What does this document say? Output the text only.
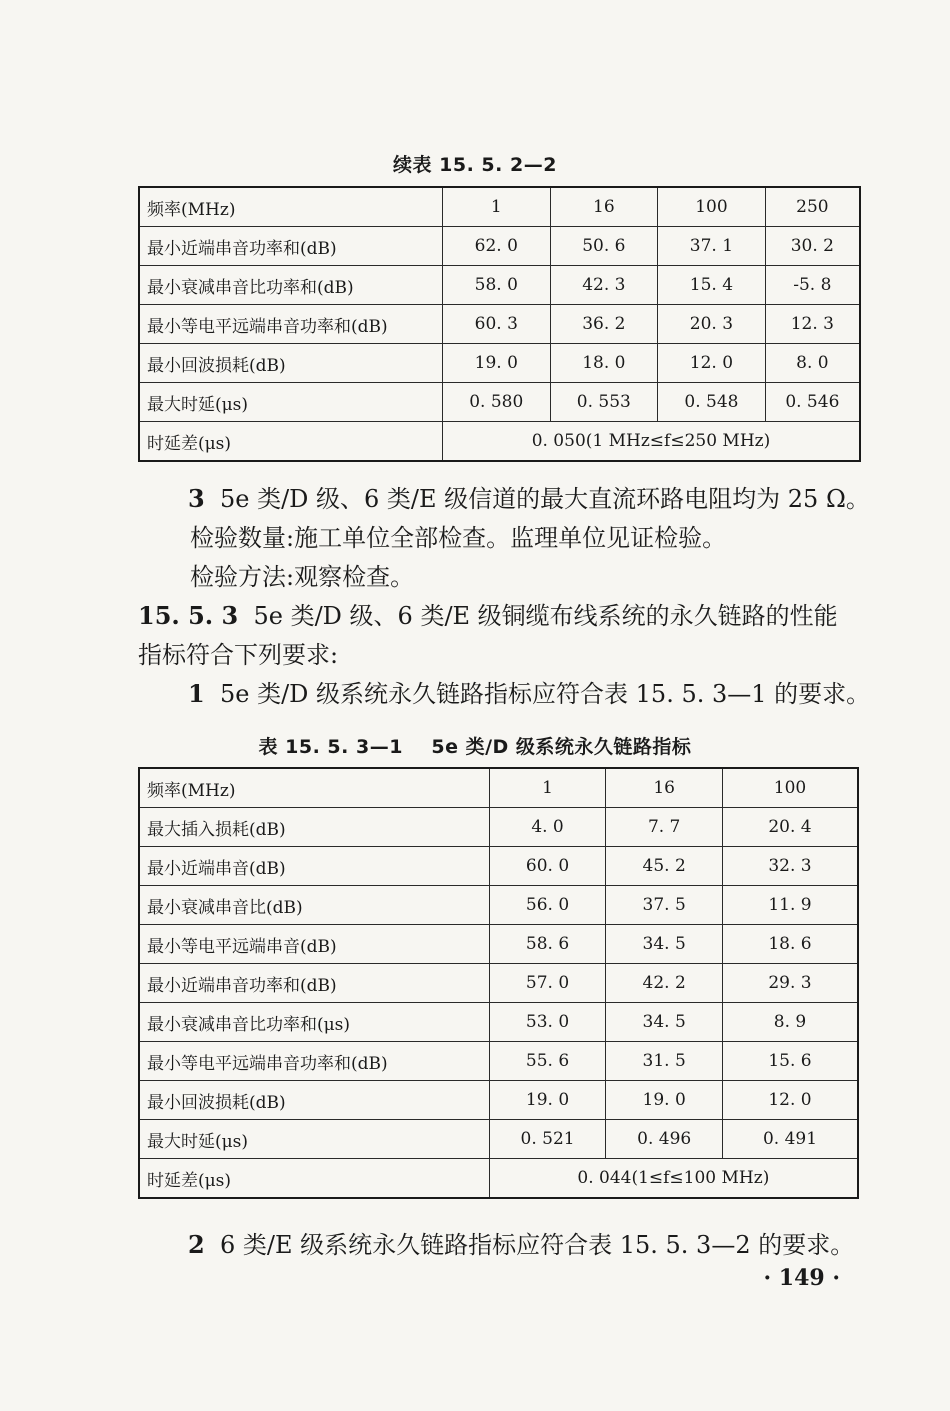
续表 15. 5. 2—2
频率(MHz)	1	16	100	250
最小近端串音功率和(dB)	62. 0	50. 6	37. 1	30. 2
最小衰减串音比功率和(dB)	58. 0	42. 3	15. 4	-5. 8
最小等电平远端串音功率和(dB)	60. 3	36. 2	20. 3	12. 3
最小回波损耗(dB)	19. 0	18. 0	12. 0	8. 0
最大时延(μs)	0. 580	0. 553	0. 548	0. 546
时延差(μs)	0. 050(1 MHz≤f≤250 MHz)			
3 5e 类/D 级、6 类/E 级信道的最大直流环路电阻均为 25 Ω。
检验数量:施工单位全部检查。监理单位见证检验。
检验方法:观察检查。
15. 5. 3 5e 类/D 级、6 类/E 级铜缆布线系统的永久链路的性能
指标符合下列要求:
1 5e 类/D 级系统永久链路指标应符合表 15. 5. 3—1 的要求。
表 15. 5. 3—1    5e 类/D 级系统永久链路指标
频率(MHz)	1	16	100
最大插入损耗(dB)	4. 0	7. 7	20. 4
最小近端串音(dB)	60. 0	45. 2	32. 3
最小衰减串音比(dB)	56. 0	37. 5	11. 9
最小等电平远端串音(dB)	58. 6	34. 5	18. 6
最小近端串音功率和(dB)	57. 0	42. 2	29. 3
最小衰减串音比功率和(μs)	53. 0	34. 5	8. 9
最小等电平远端串音功率和(dB)	55. 6	31. 5	15. 6
最小回波损耗(dB)	19. 0	19. 0	12. 0
最大时延(μs)	0. 521	0. 496	0. 491
时延差(μs)	0. 044(1≤f≤100 MHz)		
2 6 类/E 级系统永久链路指标应符合表 15. 5. 3—2 的要求。
· 149 ·
